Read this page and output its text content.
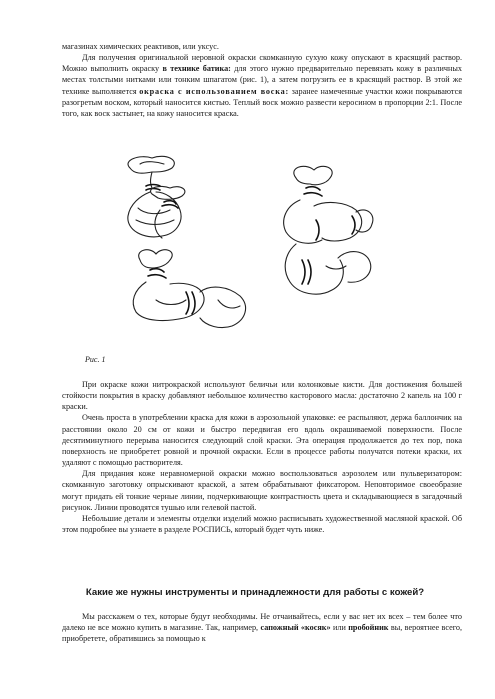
магазинах химических реактивов, или уксус.

Для получения оригинальной неровной окраски скомканную сухую кожу опускают в красящий раствор. Можно выполнить окраску в технике батика: для этого нужно предварительно перевязать кожу в различных местах толстыми нитками или тонким шпагатом (рис. 1), а затем погрузить ее в красящий раствор. В этой же технике выполняется окраска с использованием воска: заранее намеченные участки кожи покрываются разогретым воском, который наносится кистью. Теплый воск можно развести керосином в пропорции 2:1. После того, как воск застынет, на кожу наносится краска.

Рис. 1

При окраске кожи нитрокраской используют беличьи или колонковые кисти. Для достижения большей стойкости покрытия в краску добавляют небольшое количество касторового масла: достаточно 2 капель на 100 г краски.

Очень проста в употреблении краска для кожи в аэрозольной упаковке: ее распыляют, держа баллончик на расстоянии около 20 см от кожи и быстро передвигая его вдоль окрашиваемой поверхности. После десятиминутного перерыва наносится следующий слой краски. Эта операция продолжается до тех пор, пока поверхность не приобретет ровной и прочной окраски. Если в процессе работы получатся потеки краски, их удаляют с помощью растворителя.

Для придания коже неравномерной окраски можно воспользоваться аэрозолем или пульверизатором: скомканную заготовку опрыскивают краской, а затем обрабатывают фиксатором. Неповторимое своеобразие могут придать ей тонкие черные линии, подчеркивающие контрастность цвета и складывающиеся в загадочный рисунок. Линии проводятся тушью или гелевой пастой.

Небольшие детали и элементы отделки изделий можно расписывать художественной масляной краской. Об этом подробнее вы узнаете в разделе РОСПИСЬ, который будет чуть ниже.

Какие же нужны инструменты и принадлежности для работы с кожей?

Мы расскажем о тех, которые будут необходимы. Не отчаивайтесь, если у вас нет их всех – тем более что далеко не все можно купить в магазине. Так, например, сапожный «косяк» или пробойник вы, вероятнее всего, приобретете, обратившись за помощью к
